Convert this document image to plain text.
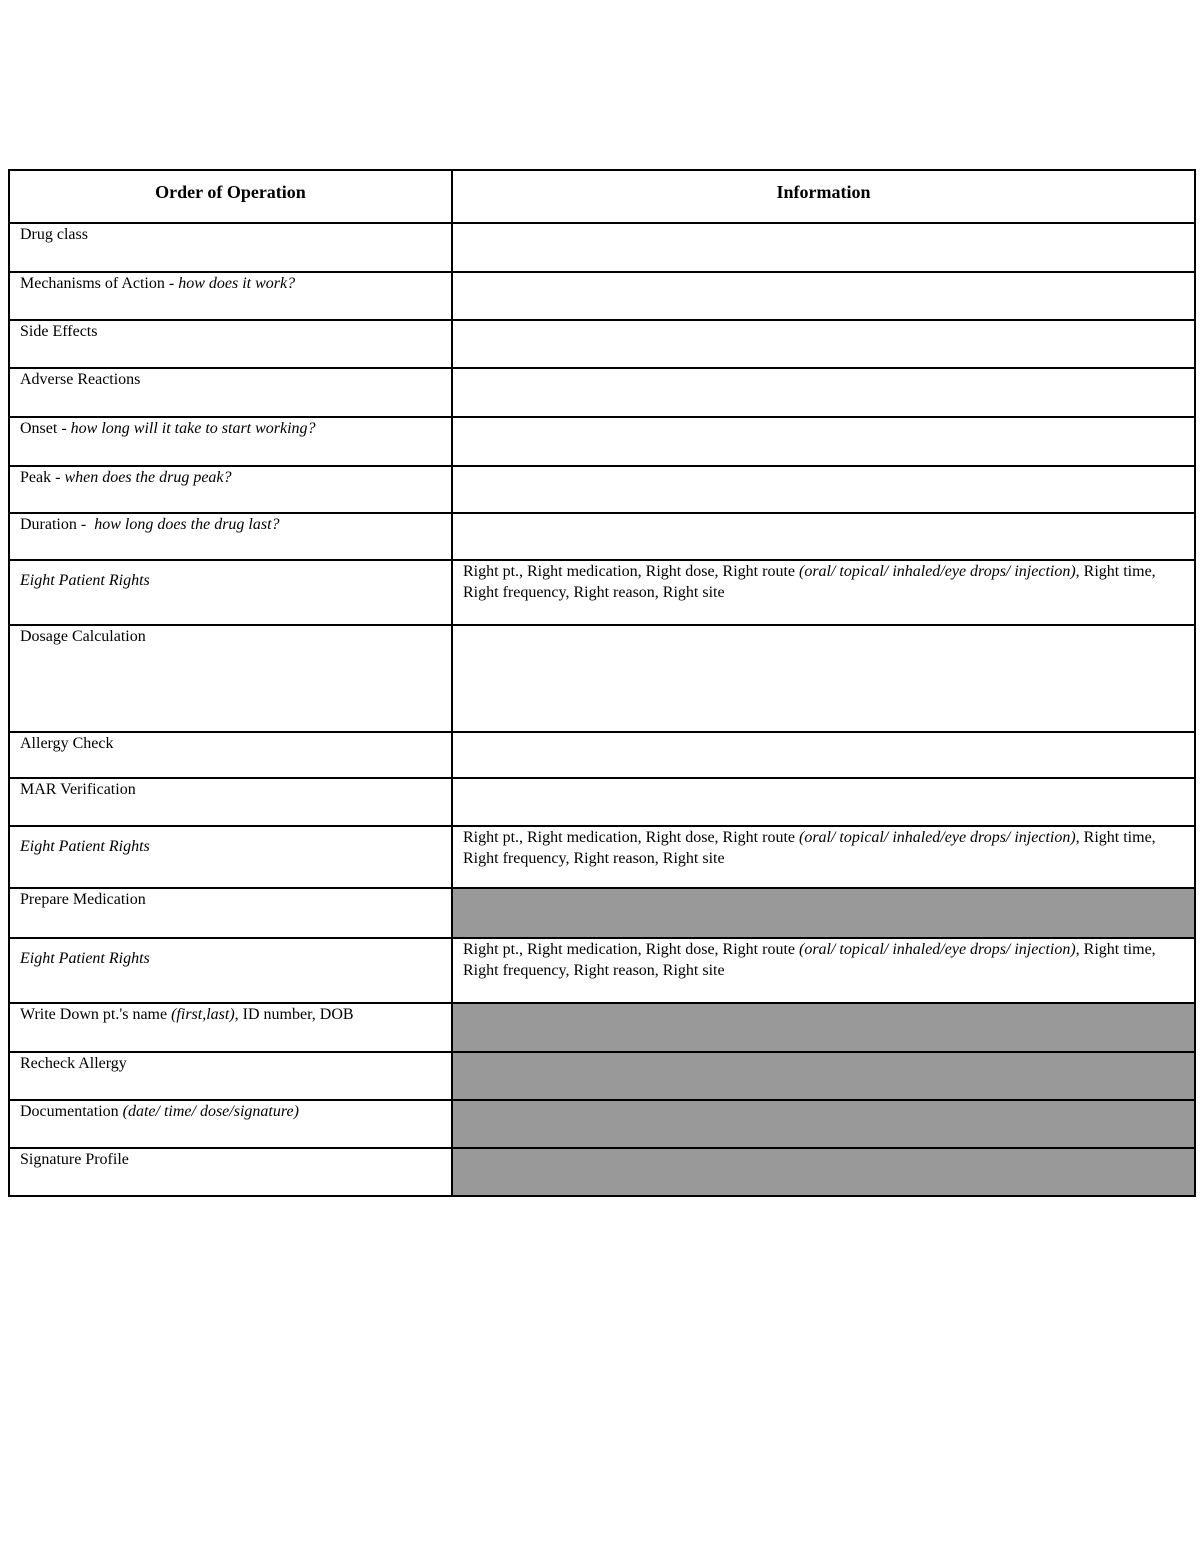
Order of Operation	Information
Drug class	
Mechanisms of Action - how does it work?	
Side Effects	
Adverse Reactions	
Onset - how long will it take to start working?	
Peak - when does the drug peak?	
Duration - how long does the drug last?	
Eight Patient Rights	Right pt., Right medication, Right dose, Right route (oral/ topical/ inhaled/eye drops/ injection), Right time, Right frequency, Right reason, Right site
Dosage Calculation	
Allergy Check	
MAR Verification	
Eight Patient Rights	Right pt., Right medication, Right dose, Right route (oral/ topical/ inhaled/eye drops/ injection), Right time, Right frequency, Right reason, Right site
Prepare Medication	
Eight Patient Rights	Right pt., Right medication, Right dose, Right route (oral/ topical/ inhaled/eye drops/ injection), Right time, Right frequency, Right reason, Right site
Write Down pt.'s name (first,last), ID number, DOB	
Recheck Allergy	
Documentation (date/ time/ dose/signature)	
Signature Profile	
